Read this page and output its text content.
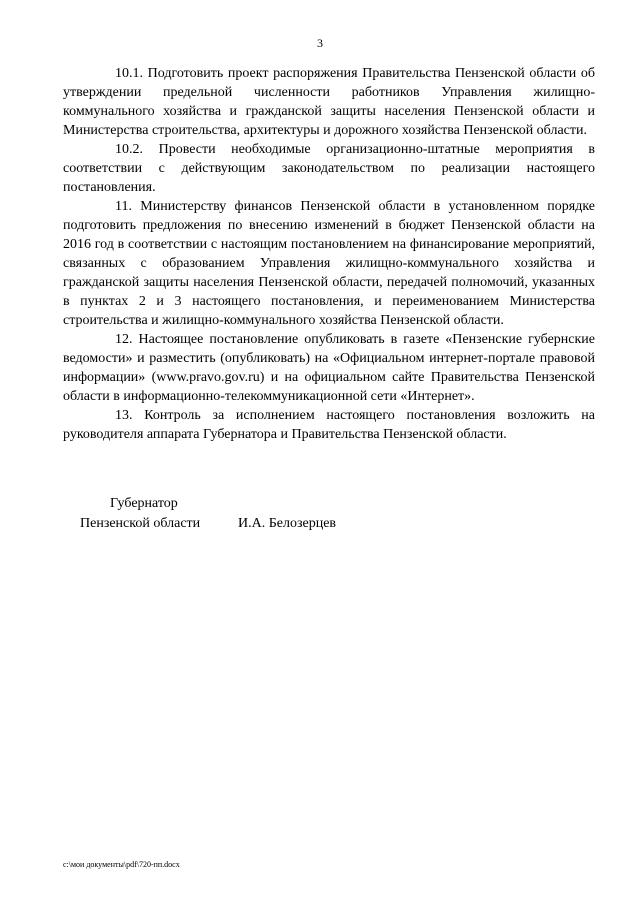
3

10.1. Подготовить проект распоряжения Правительства Пензенской области об утверждении предельной численности работников Управления жилищно-коммунального хозяйства и гражданской защиты населения Пензенской области и Министерства строительства, архитектуры и дорожного хозяйства Пензенской области.

10.2. Провести необходимые организационно-штатные мероприятия в соответствии с действующим законодательством по реализации настоящего постановления.

11. Министерству финансов Пензенской области в установленном порядке подготовить предложения по внесению изменений в бюджет Пензенской области на 2016 год в соответствии с настоящим постановлением на финансирование мероприятий, связанных с образованием Управления жилищно-коммунального хозяйства и гражданской защиты населения Пензенской области, передачей полномочий, указанных в пунктах 2 и 3 настоящего постановления, и переименованием Министерства строительства и жилищно-коммунального хозяйства Пензенской области.

12. Настоящее постановление опубликовать в газете «Пензенские губернские ведомости» и разместить (опубликовать) на «Официальном интернет-портале правовой информации» (www.pravo.gov.ru) и на официальном сайте Правительства Пензенской области в информационно-телекоммуникационной сети «Интернет».

13. Контроль за исполнением настоящего постановления возложить на руководителя аппарата Губернатора и Правительства Пензенской области.

Губернатор
Пензенской области	И.А. Белозерцев
c:\мои документы\pdf\720-пп.docx
